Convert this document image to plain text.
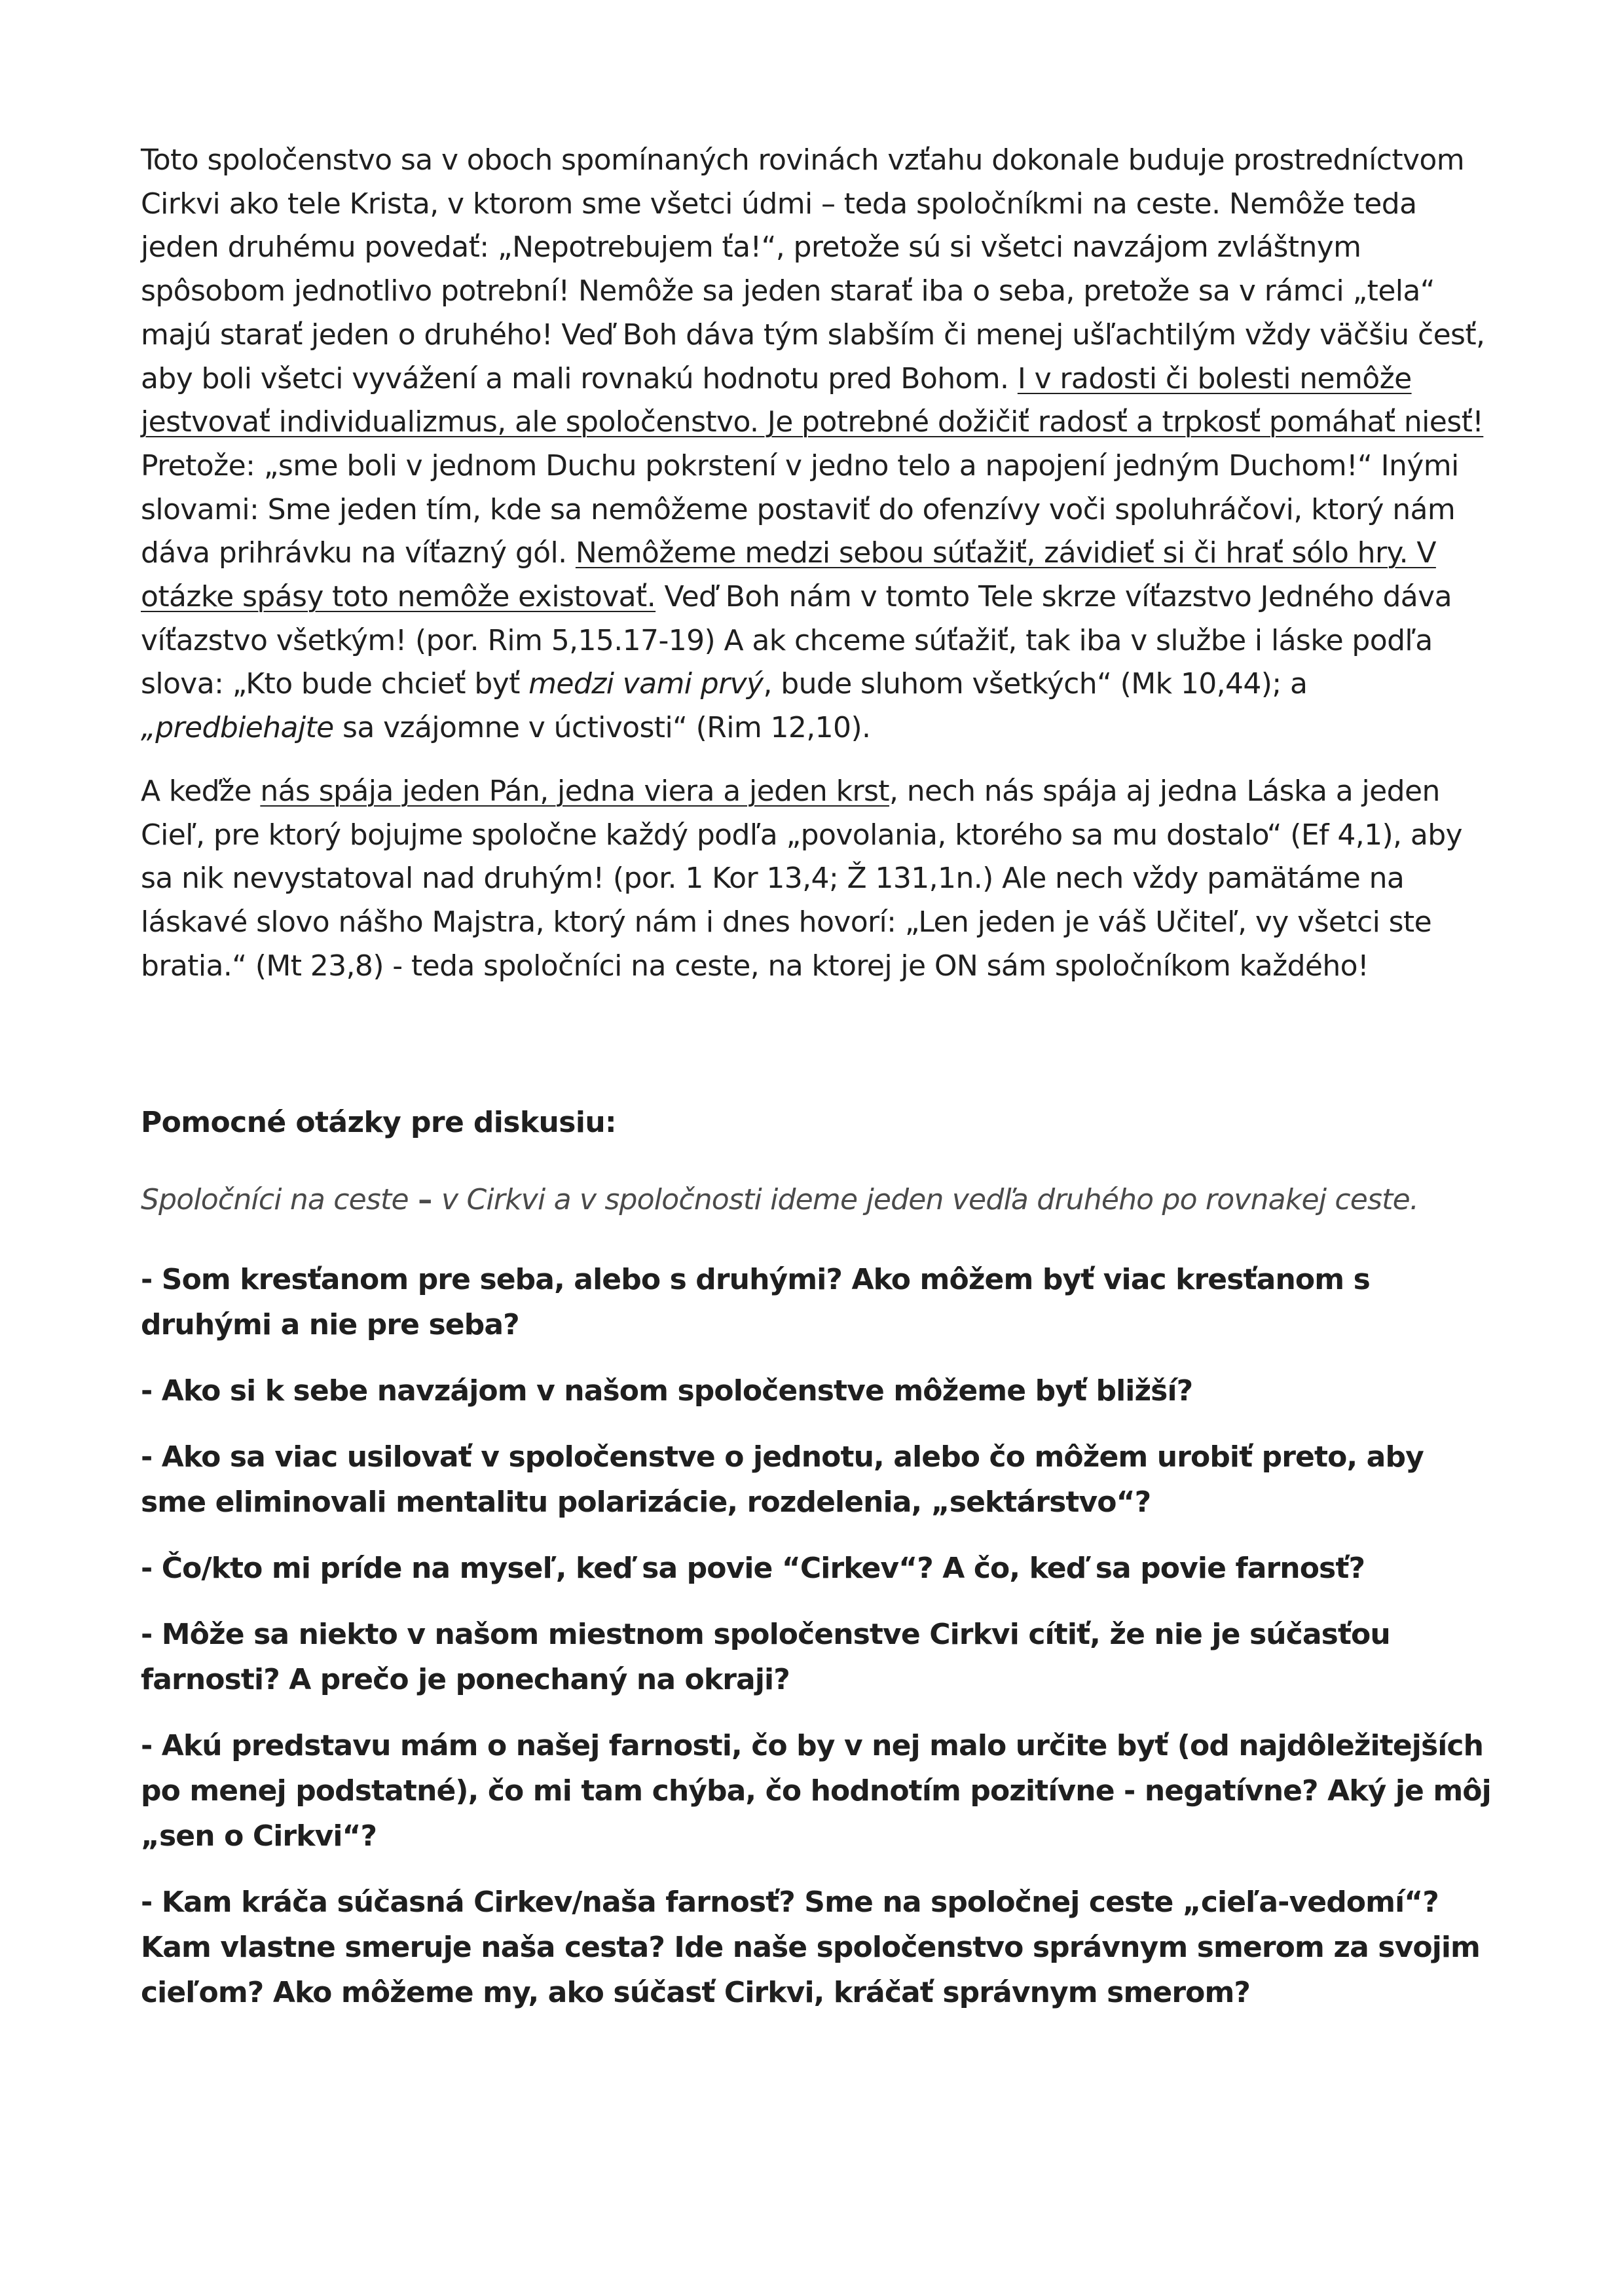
Toto spoločenstvo sa v oboch spomínaných rovinách vzťahu dokonale buduje prostredníctvom Cirkvi ako tele Krista, v ktorom sme všetci údmi – teda spoločníkmi na ceste. Nemôže teda jeden druhému povedať: „Nepotrebujem ťa!“, pretože sú si všetci navzájom zvláštnym spôsobom jednotlivo potrební! Nemôže sa jeden starať iba o seba, pretože sa v rámci „tela“ majú starať jeden o druhého! Veď Boh dáva tým slabším či menej ušľachtilým vždy väčšiu česť, aby boli všetci vyvážení a mali rovnakú hodnotu pred Bohom. I v radosti či bolesti nemôže jestvovať individualizmus, ale spoločenstvo. Je potrebné dožičiť radosť a trpkosť pomáhať niesť! Pretože: „sme boli v jednom Duchu pokrstení v jedno telo a napojení jedným Duchom!“ Inými slovami: Sme jeden tím, kde sa nemôžeme postaviť do ofenzívy voči spoluhráčovi, ktorý nám dáva prihrávku na víťazný gól. Nemôžeme medzi sebou súťažiť, závidieť si či hrať sólo hry. V otázke spásy toto nemôže existovať. Veď Boh nám v tomto Tele skrze víťazstvo Jedného dáva víťazstvo všetkým! (por. Rim 5,15.17-19) A ak chceme súťažiť, tak iba v službe i láske podľa slova: „Kto bude chcieť byť medzi vami prvý, bude sluhom všetkých“ (Mk 10,44); a „predbiehajte sa vzájomne v úctivosti“ (Rim 12,10).

A keďže nás spája jeden Pán, jedna viera a jeden krst, nech nás spája aj jedna Láska a jeden Cieľ, pre ktorý bojujme spoločne každý podľa „povolania, ktorého sa mu dostalo“ (Ef 4,1), aby sa nik nevystatoval nad druhým! (por. 1 Kor 13,4; Ž 131,1n.) Ale nech vždy pamätáme na láskavé slovo nášho Majstra, ktorý nám i dnes hovorí: „Len jeden je váš Učiteľ, vy všetci ste bratia.“ (Mt 23,8) - teda spoločníci na ceste, na ktorej je ON sám spoločníkom každého!

Pomocné otázky pre diskusiu:

Spoločníci na ceste – v Cirkvi a v spoločnosti ideme jeden vedľa druhého po rovnakej ceste.

- Som kresťanom pre seba, alebo s druhými? Ako môžem byť viac kresťanom s druhými a nie pre seba?

- Ako si k sebe navzájom v našom spoločenstve môžeme byť bližší?

- Ako sa viac usilovať v spoločenstve o jednotu, alebo čo môžem urobiť preto, aby sme eliminovali mentalitu polarizácie, rozdelenia, „sektárstvo“?

- Čo/kto mi príde na myseľ, keď sa povie “Cirkev“? A čo, keď sa povie farnosť?

- Môže sa niekto v našom miestnom spoločenstve Cirkvi cítiť, že nie je súčasťou farnosti? A prečo je ponechaný na okraji?

- Akú predstavu mám o našej farnosti, čo by v nej malo určite byť (od najdôležitejších po menej podstatné), čo mi tam chýba, čo hodnotím pozitívne - negatívne? Aký je môj „sen o Cirkvi“?

- Kam kráča súčasná Cirkev/naša farnosť? Sme na spoločnej ceste „cieľa-vedomí“? Kam vlastne smeruje naša cesta? Ide naše spoločenstvo správnym smerom za svojim cieľom? Ako môžeme my, ako súčasť Cirkvi, kráčať správnym smerom?
